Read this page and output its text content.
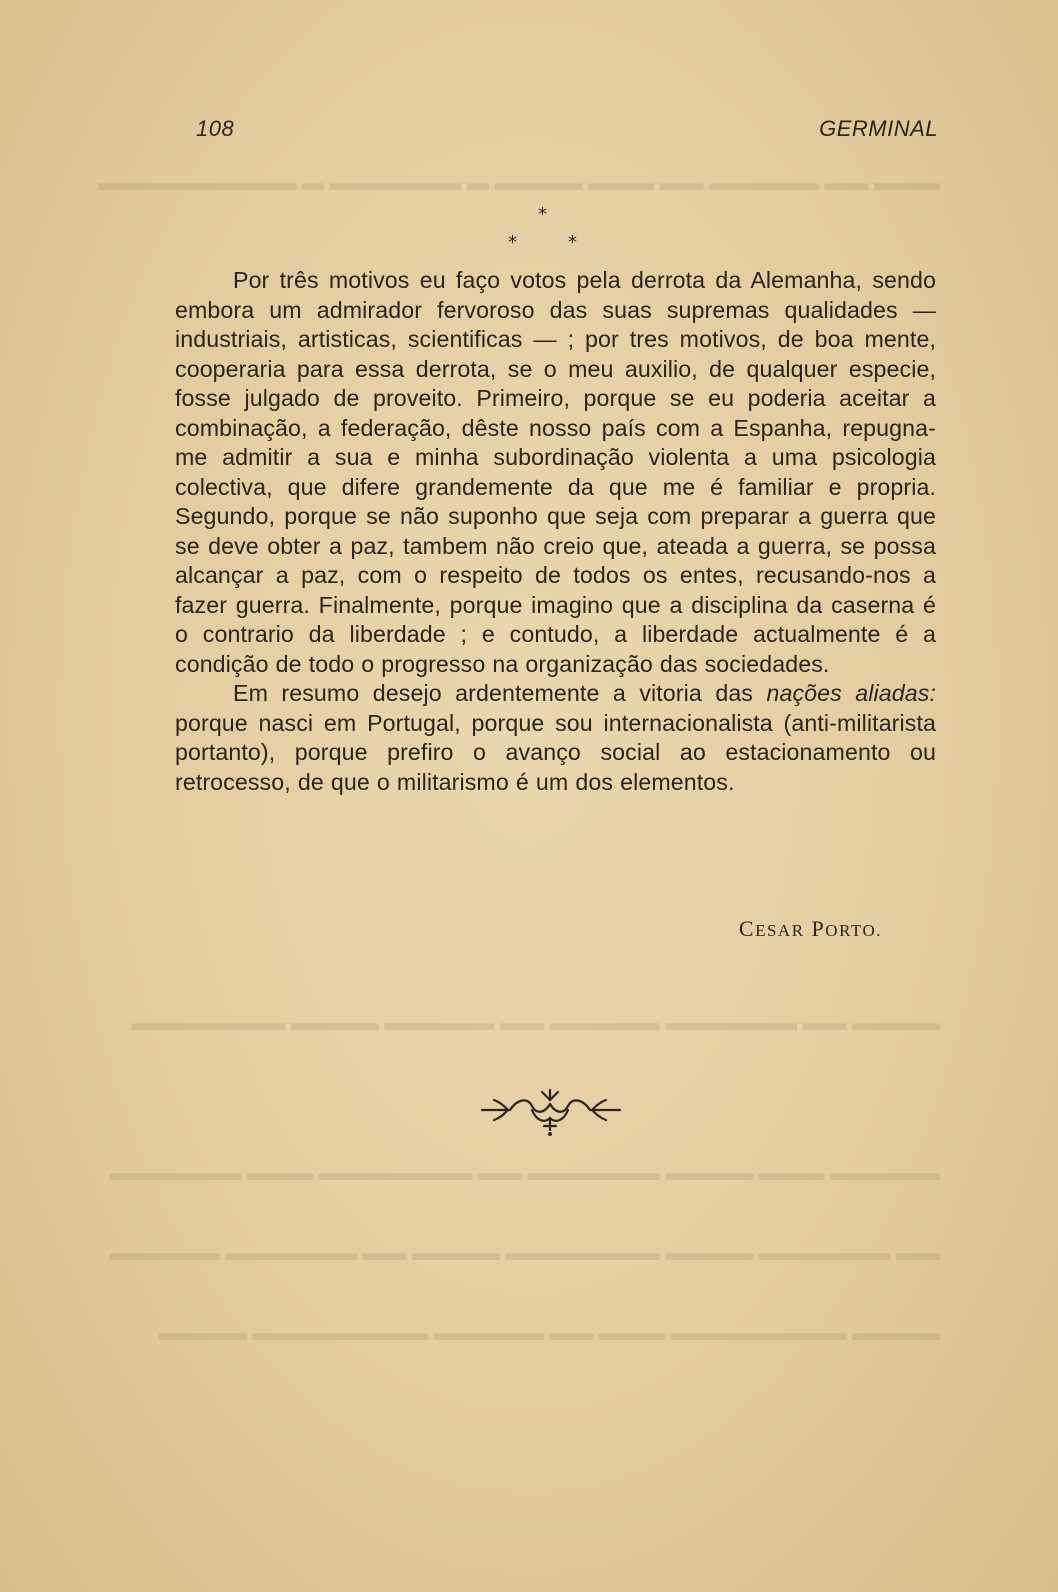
▬▬▬ ▬▬ ▬▬▬▬▬ ▬▬ ▬▬▬ ▬▬▬▬ ▬ ▬▬▬▬▬▬ ▬ ▬▬▬▬▬▬▬▬▬
▬▬▬▬ ▬▬ ▬▬▬▬▬▬ ▬▬▬▬▬ ▬▬ ▬▬▬▬▬ ▬▬▬▬ ▬▬▬▬▬▬▬
▬▬▬▬▬ ▬▬▬ ▬▬▬▬ ▬▬▬▬▬▬ ▬▬ ▬▬▬▬▬▬▬ ▬▬▬ ▬▬▬▬▬▬
▬▬ ▬▬▬▬▬▬ ▬▬▬▬ ▬▬▬▬▬▬▬ ▬▬▬▬ ▬▬ ▬▬▬▬▬▬ ▬▬▬▬▬
▬▬▬▬ ▬▬▬▬▬▬▬▬ ▬▬▬ ▬▬ ▬▬▬▬▬ ▬▬▬▬▬▬▬▬ ▬▬▬▬
108	GERMINAL
*
*	*

Por três motivos eu faço votos pela derrota da Alemanha, sendo embora um admirador fervoroso das suas supremas qualidades — industriais, artisticas, scientificas — ; por tres motivos, de boa mente, cooperaria para essa derrota, se o meu auxilio, de qualquer especie, fosse julgado de proveito. Primeiro, porque se eu poderia aceitar a combinação, a federação, dêste nosso país com a Espanha, repugna-me admitir a sua e minha subordinação violenta a uma psicologia colectiva, que difere grandemente da que me é familiar e propria. Segundo, porque se não suponho que seja com preparar a guerra que se deve obter a paz, tambem não creio que, ateada a guerra, se possa alcançar a paz, com o respeito de todos os entes, recusando-nos a fazer guerra. Finalmente, porque imagino que a disciplina da caserna é o contrario da liberdade ; e contudo, a liberdade actualmente é a condição de todo o progresso na organização das sociedades.

Em resumo desejo ardentemente a vitoria das nações aliadas: porque nasci em Portugal, porque sou internacionalista (anti-militarista portanto), porque prefiro o avanço social ao estacionamento ou retrocesso, de que o militarismo é um dos elementos.

CESAR PORTO.
